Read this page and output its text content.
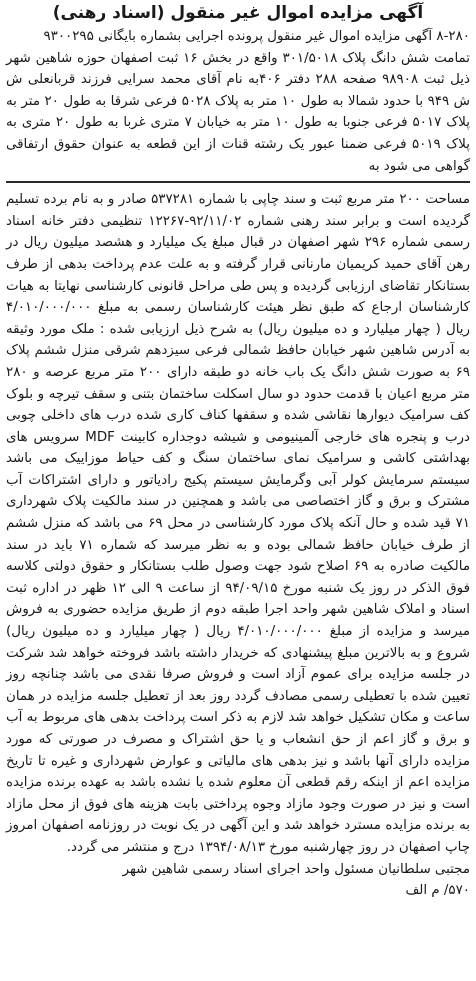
آگهی مزایده اموال غیر منقول (اسناد رهنی)

۸-۲۸۰ آگهی مزایده اموال غیر منقول پرونده اجرایی بشماره بایگانی ۹۳۰۰۲۹۵

تمامت شش دانگ پلاک ۳۰۱/۵۰۱۸ واقع در بخش ۱۶ ثبت اصفهان حوزه شاهین شهر ذیل ثبت ۹۸۹۰۸ صفحه ۲۸۸ دفتر ۴۰۶به نام آقای محمد سرایی فرزند قربانعلی ش ش ۹۴۹ با حدود شمالا به طول ۱۰ متر به پلاک ۵۰۲۸ فرعی شرقا به طول ۲۰ متر به پلاک ۵۰۱۷ فرعی جنوبا به طول ۱۰ متر به خیابان ۷ متری غربا به طول ۲۰ متری به پلاک ۵۰۱۹ فرعی ضمنا عبور یک رشته قنات از این قطعه به عنوان حقوق ارتفاقی گواهی می شود به

مساحت ۲۰۰ متر مربع ثبت و سند چاپی با شماره ۵۳۷۲۸۱ صادر و به نام برده تسلیم گردیده است و برابر سند رهنی شماره ۹۲/۱۱/۰۲-۱۲۲۶۷ تنظیمی دفتر خانه اسناد رسمی شماره ۲۹۶ شهر اصفهان در قبال مبلغ یک میلیارد و هشصد میلیون ریال در رهن آقای حمید کریمیان مارنانی قرار گرفته و به علت عدم پرداخت بدهی از طرف بستانکار تقاضای ارزیابی گردیده و پس طی مراحل قانونی کارشناسی نهایتا به هیات کارشناسان ارجاع که طبق نظر هیئت کارشناسان رسمی به مبلغ ۴/۰۱۰/۰۰۰/۰۰۰ ریال ( چهار میلیارد و ده میلیون ریال) به شرح ذیل ارزیابی شده : ملک مورد وثیقه به آدرس شاهین شهر خیابان حافظ شمالی فرعی سیزدهم شرقی منزل ششم پلاک ۶۹ به صورت شش دانگ یک باب خانه دو طبقه دارای ۲۰۰ متر مربع عرصه و ۲۸۰ متر مربع اعیان با قدمت حدود دو سال اسکلت ساختمان بتنی و سقف تیرچه و بلوک کف سرامیک دیوارها نقاشی شده و سقفها کناف کاری شده درب های داخلی چوبی درب و پنجره های خارجی آلمینیومی و شیشه دوجداره کابینت MDF سرویس های بهداشتی کاشی و سرامیک نمای ساختمان سنگ و کف حیاط موزاییک می باشد سیستم سرمایش کولر آبی وگرمایش سیستم پکیج رادیاتور و دارای اشتراکات آب مشترک و برق و گاز اختصاصی می باشد و همچنین در سند مالکیت پلاک شهرداری ۷۱ قید شده و حال آنکه پلاک مورد کارشناسی در محل ۶۹ می باشد که منزل ششم از طرف خیابان حافظ شمالی بوده و به نظر میرسد که شماره ۷۱ باید در سند مالکیت صادره به ۶۹ اصلاح شود جهت وصول طلب بستانکار و حقوق دولتی کلاسه فوق الذکر در روز یک شنبه مورخ ۹۴/۰۹/۱۵ از ساعت ۹ الی ۱۲ ظهر در اداره ثبت اسناد و املاک شاهین شهر واحد اجرا طبقه دوم از طریق مزایده حضوری به فروش میرسد و مزایده از مبلغ ۴/۰۱۰/۰۰۰/۰۰۰ ریال ( چهار میلیارد و ده میلیون ریال) شروع و به بالاترین مبلغ پیشنهادی که خریدار داشته باشد فروخته خواهد شد شرکت در جلسه مزایده برای عموم آزاد است و فروش صرفا نقدی می باشد چنانچه روز تعیین شده با تعطیلی رسمی مصادف گردد روز بعد از تعطیل جلسه مزایده در همان ساعت و مکان تشکیل خواهد شد لازم به ذکر است پرداخت بدهی های مربوط به آب و برق و گاز اعم از حق انشعاب و یا حق اشتراک و مصرف در صورتی که مورد مزایده دارای آنها باشد و نیز بدهی های مالیاتی و عوارض شهرداری و غیره تا تاریخ مزایده اعم از اینکه رقم قطعی آن معلوم شده یا نشده باشد به عهده برنده مزایده است و نیز در صورت وجود مازاد وجوه پرداختی بابت هزینه های فوق از محل مازاد به برنده مزایده مسترد خواهد شد و این آگهی در یک نوبت در روزنامه اصفهان امروز چاپ اصفهان در روز چهارشنبه مورخ ۱۳۹۴/۰۸/۱۳ درج و منتشر می گردد.

مجتبی سلطانیان مسئول واحد اجرای اسناد رسمی شاهین شهر
۵۷۰/ م الف
